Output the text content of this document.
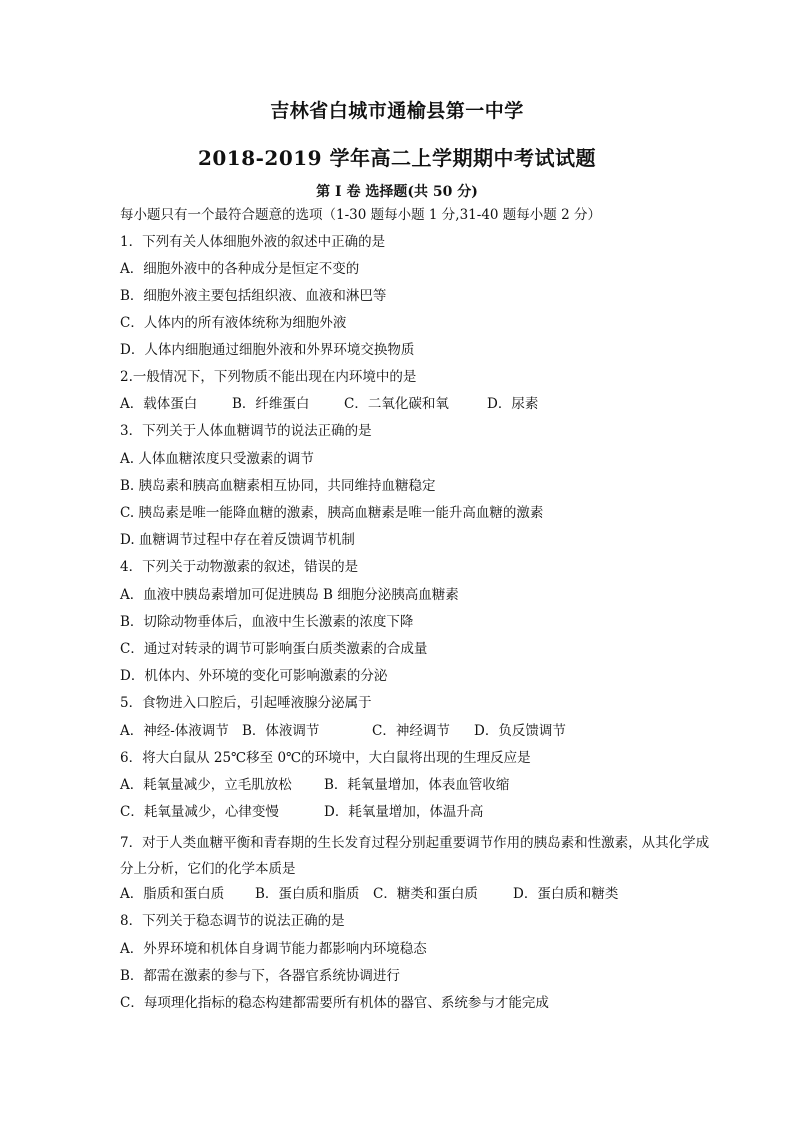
吉林省白城市通榆县第一中学
2018-2019 学年高二上学期期中考试试题
第 I 卷 选择题(共 50 分)
每小题只有一个最符合题意的选项（1-30 题每小题 1 分,31-40 题每小题 2 分）
1．下列有关人体细胞外液的叙述中正确的是
A．细胞外液中的各种成分是恒定不变的
B．细胞外液主要包括组织液、血液和淋巴等
C．人体内的所有液体统称为细胞外液
D．人体内细胞通过细胞外液和外界环境交换物质
2.一般情况下，下列物质不能出现在内环境中的是
A．载体蛋白	B．纤维蛋白	C．二氧化碳和氧	D．尿素
3．下列关于人体血糖调节的说法正确的是
A. 人体血糖浓度只受激素的调节
B. 胰岛素和胰高血糖素相互协同，共同维持血糖稳定
C. 胰岛素是唯一能降血糖的激素，胰高血糖素是唯一能升高血糖的激素
D. 血糖调节过程中存在着反馈调节机制
4．下列关于动物激素的叙述，错误的是
A．血液中胰岛素增加可促进胰岛 B 细胞分泌胰高血糖素
B．切除动物垂体后，血液中生长激素的浓度下降
C．通过对转录的调节可影响蛋白质类激素的合成量
D．机体内、外环境的变化可影响激素的分泌
5．食物进入口腔后，引起唾液腺分泌属于
A．神经-体液调节 B．体液调节	C．神经调节 D．负反馈调节
6．将大白鼠从 25℃移至 0℃的环境中，大白鼠将出现的生理反应是
A．耗氧量减少，立毛肌放松 B．耗氧量增加，体表血管收缩
C．耗氧量减少，心律变慢	D．耗氧量增加，体温升高
7．对于人类血糖平衡和青春期的生长发育过程分别起重要调节作用的胰岛素和性激素，从其化学成分上分析，它们的化学本质是
A．脂质和蛋白质 B．蛋白质和脂质 C．糖类和蛋白质	D．蛋白质和糖类
8．下列关于稳态调节的说法正确的是
A．外界环境和机体自身调节能力都影响内环境稳态
B．都需在激素的参与下，各器官系统协调进行
C．每项理化指标的稳态构建都需要所有机体的器官、系统参与才能完成
